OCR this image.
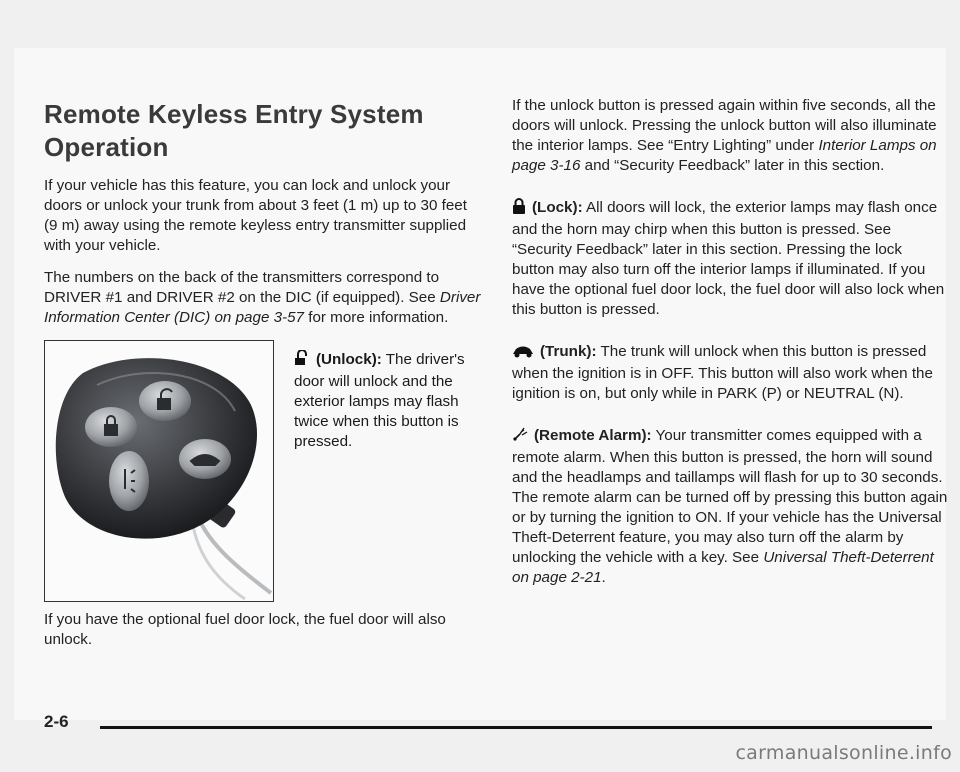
Remote Keyless Entry System Operation

If your vehicle has this feature, you can lock and unlock your doors or unlock your trunk from about 3 feet (1 m) up to 30 feet (9 m) away using the remote keyless entry transmitter supplied with your vehicle.

The numbers on the back of the transmitters correspond to DRIVER #1 and DRIVER #2 on the DIC (if equipped). See Driver Information Center (DIC) on page 3-57 for more information.

(Unlock): The driver's door will unlock and the exterior lamps may flash twice when this button is pressed.

If you have the optional fuel door lock, the fuel door will also unlock.

If the unlock button is pressed again within five seconds, all the doors will unlock. Pressing the unlock button will also illuminate the interior lamps. See “Entry Lighting” under Interior Lamps on page 3-16 and “Security Feedback” later in this section.

(Lock): All doors will lock, the exterior lamps may flash once and the horn may chirp when this button is pressed. See “Security Feedback” later in this section. Pressing the lock button may also turn off the interior lamps if illuminated. If you have the optional fuel door lock, the fuel door will also lock when this button is pressed.

(Trunk): The trunk will unlock when this button is pressed when the ignition is in OFF. This button will also work when the ignition is on, but only while in PARK (P) or NEUTRAL (N).

(Remote Alarm): Your transmitter comes equipped with a remote alarm. When this button is pressed, the horn will sound and the headlamps and taillamps will flash for up to 30 seconds. The remote alarm can be turned off by pressing this button again or by turning the ignition to ON. If your vehicle has the Universal Theft-Deterrent feature, you may also turn off the alarm by unlocking the vehicle with a key. See Universal Theft-Deterrent on page 2-21.

2-6
carmanualsonline.info
